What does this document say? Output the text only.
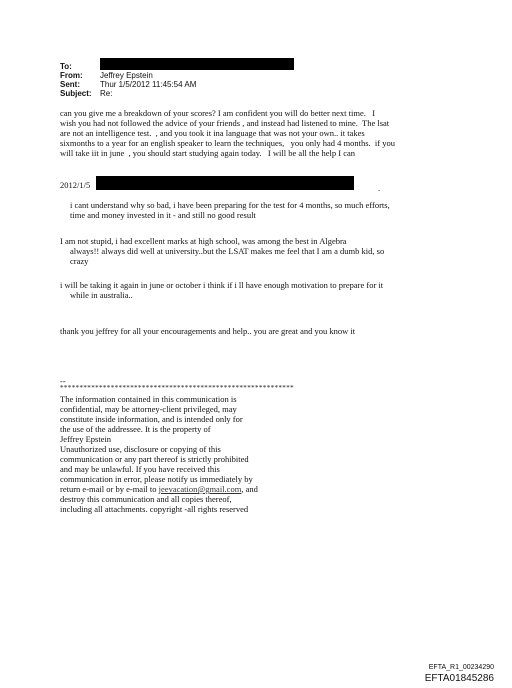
To:
From: Jeffrey Epstein
Sent:	Thur 1/5/2012 11:45:54 AM
Subject: Re:
can you give me a breakdown of your scores? I am confident you will do better next time.   I
wish you had not followed the advice of your friends , and instead had listened to mine.  The lsat
are not an intelligence test.  , and you took it ina language that was not your own.. it takes
sixmonths to a year for an english speaker to learn the techniques,   you only had 4 months.  if you
will take iit in june  , you should start studying again today.   I will be all the help I can
2012/1/5	.
i cant understand why so bad, i have been preparing for the test for 4 months, so much efforts,
time and money invested in it - and still no good result
I am not stupid, i had excellent marks at high school, was among the best in Algebra
always!! always did well at university..but the LSAT makes me feel that I am a dumb kid, so
crazy
i will be taking it again in june or october i think if i ll have enough motivation to prepare for it
while in australia..
thank you jeffrey for all your encouragements and help.. you are great and you know it
--
************************************************************
The information contained in this communication is
confidential, may be attorney-client privileged, may
constitute inside information, and is intended only for
the use of the addressee. It is the property of
Jeffrey Epstein
Unauthorized use, disclosure or copying of this
communication or any part thereof is strictly prohibited
and may be unlawful. If you have received this
communication in error, please notify us immediately by
return e-mail or by e-mail to jeevacation@gmail.com, and
destroy this communication and all copies thereof,
including all attachments. copyright -all rights reserved
EFTA_R1_00234290
EFTA01845286
